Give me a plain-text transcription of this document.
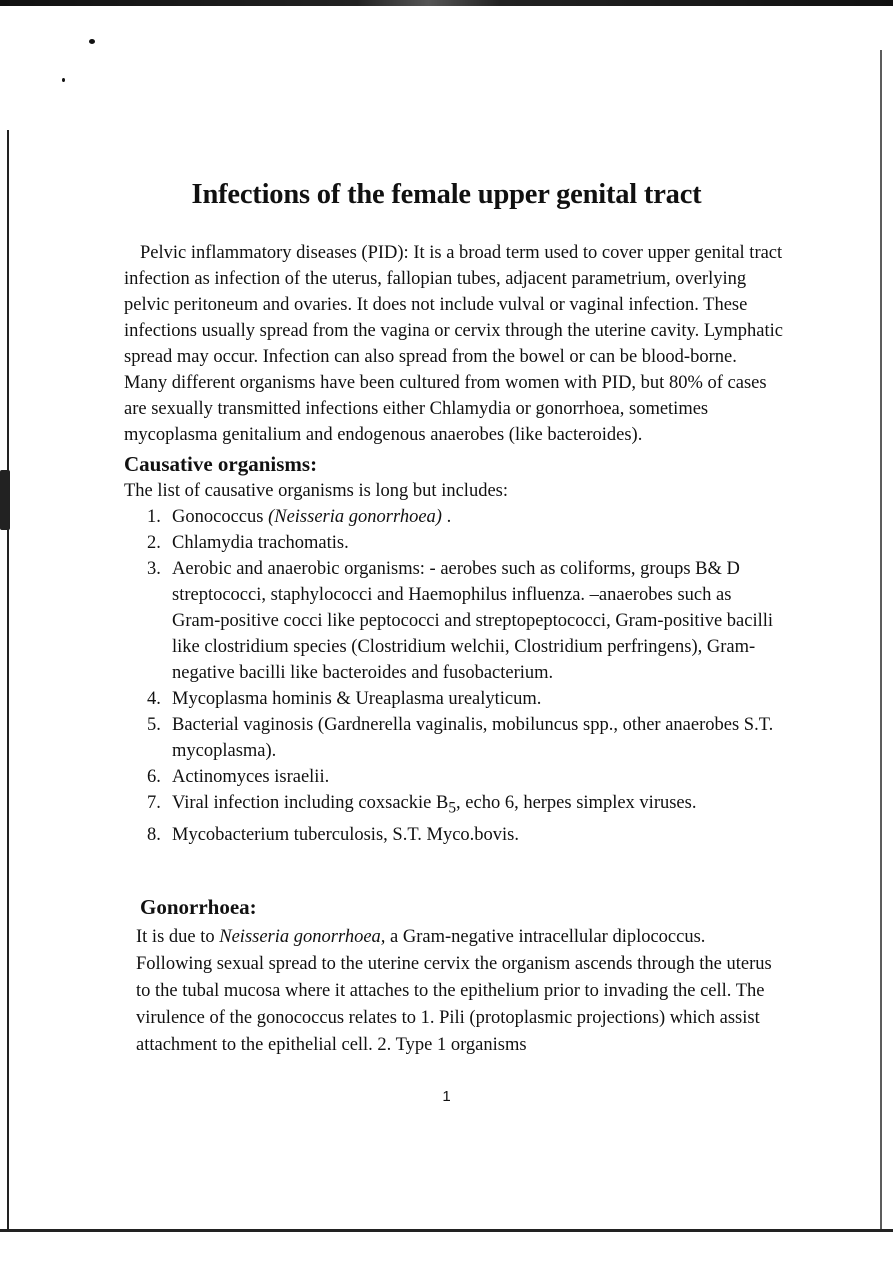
Infections of the female upper genital tract

Pelvic inflammatory diseases (PID): It is a broad term used to cover upper genital tract infection as infection of the uterus, fallopian tubes, adjacent parametrium, overlying pelvic peritoneum and ovaries. It does not include vulval or vaginal infection. These infections usually spread from the vagina or cervix through the uterine cavity. Lymphatic spread may occur. Infection can also spread from the bowel or can be blood-borne.

Many different organisms have been cultured from women with PID, but 80% of cases are sexually transmitted infections either Chlamydia or gonorrhoea, sometimes mycoplasma genitalium and endogenous anaerobes (like bacteroides).

Causative organisms:

The list of causative organisms is long but includes:

1. Gonococcus (Neisseria gonorrhoea) .
2. Chlamydia trachomatis.
3. Aerobic and anaerobic organisms: - aerobes such as coliforms, groups B& D streptococci, staphylococci and Haemophilus influenza. –anaerobes such as Gram-positive cocci like peptococci and streptopeptococci, Gram-positive bacilli like clostridium species (Clostridium welchii, Clostridium perfringens), Gram-negative bacilli like bacteroides and fusobacterium.
4. Mycoplasma hominis & Ureaplasma urealyticum.
5. Bacterial vaginosis (Gardnerella vaginalis, mobiluncus spp., other anaerobes S.T. mycoplasma).
6. Actinomyces israelii.
7. Viral infection including coxsackie $B_5$, echo 6, herpes simplex viruses.
8. Mycobacterium tuberculosis, S.T. Myco.bovis.
Gonorrhoea:

It is due to Neisseria gonorrhoea, a Gram-negative intracellular diplococcus. Following sexual spread to the uterine cervix the organism ascends through the uterus to the tubal mucosa where it attaches to the epithelium prior to invading the cell. The virulence of the gonococcus relates to 1. Pili (protoplasmic projections) which assist attachment to the epithelial cell. 2. Type 1 organisms

1
